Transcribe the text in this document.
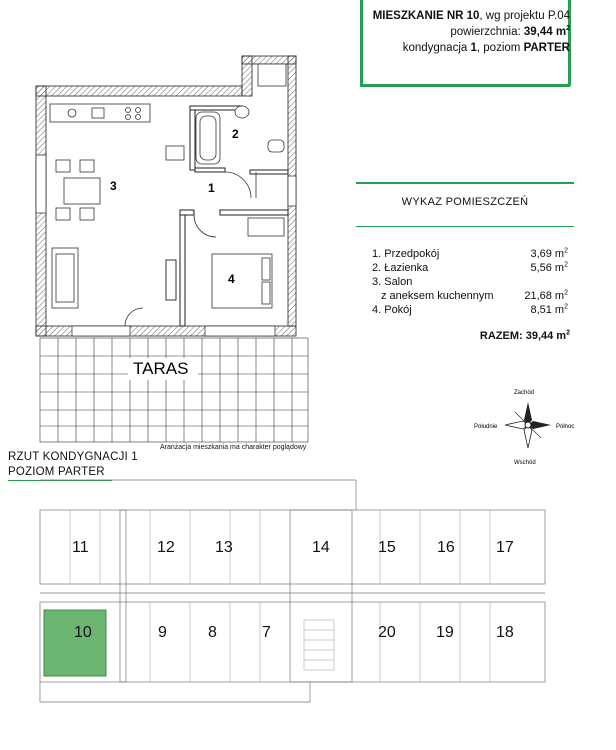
MIESZKANIE NR 10, wg projektu P.04
powierzchnia: 39,44 $m^2$
kondygnacja 1, poziom PARTER
2
3	1
4
TARAS
Aranżacja mieszkania ma charakter poglądowy
WYKAZ POMIESZCZEŃ
1. Przedpokój	3,69 $m^2$
2. Łazienka	5,56 $m^2$
3. Salon
z aneksem kuchennym	21,68 $m^2$
4. Pokój	8,51 $m^2$
RAZEM: 39,44 $m^2$
Zachód
Południe	Północ
Wschód
RZUT KONDYGNACJI 1
POZIOM PARTER
11	12	13	14	15	16	17
10	9	8	7	20	19	18
